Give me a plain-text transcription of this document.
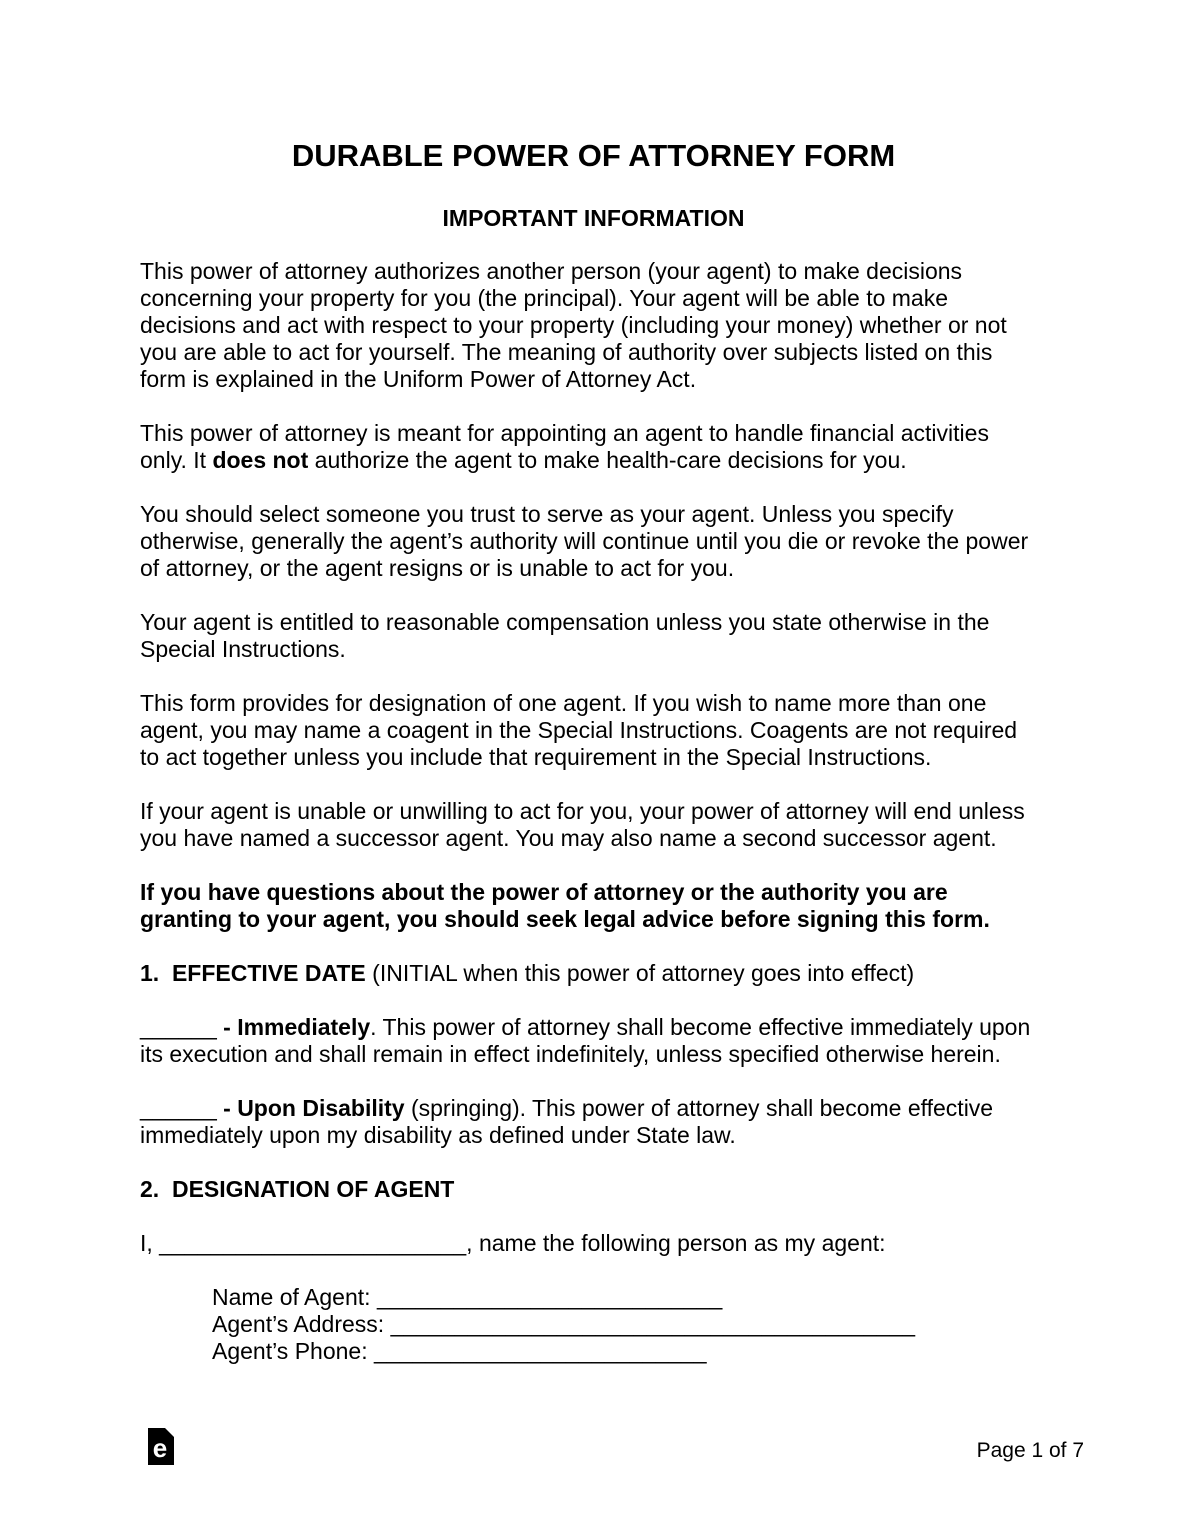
DURABLE POWER OF ATTORNEY FORM
IMPORTANT INFORMATION
This power of attorney authorizes another person (your agent) to make decisions
concerning your property for you (the principal). Your agent will be able to make
decisions and act with respect to your property (including your money) whether or not
you are able to act for yourself. The meaning of authority over subjects listed on this
form is explained in the Uniform Power of Attorney Act.
This power of attorney is meant for appointing an agent to handle financial activities
only. It does not authorize the agent to make health-care decisions for you.
You should select someone you trust to serve as your agent. Unless you specify
otherwise, generally the agent’s authority will continue until you die or revoke the power
of attorney, or the agent resigns or is unable to act for you.
Your agent is entitled to reasonable compensation unless you state otherwise in the
Special Instructions.
This form provides for designation of one agent. If you wish to name more than one
agent, you may name a coagent in the Special Instructions. Coagents are not required
to act together unless you include that requirement in the Special Instructions.
If your agent is unable or unwilling to act for you, your power of attorney will end unless
you have named a successor agent. You may also name a second successor agent.
If you have questions about the power of attorney or the authority you are
granting to your agent, you should seek legal advice before signing this form.
1.  EFFECTIVE DATE (INITIAL when this power of attorney goes into effect)
______ - Immediately. This power of attorney shall become effective immediately upon
its execution and shall remain in effect indefinitely, unless specified otherwise herein.
______ - Upon Disability (springing). This power of attorney shall become effective
immediately upon my disability as defined under State law.
2.  DESIGNATION OF AGENT
I, ________________________, name the following person as my agent:
Name of Agent: ___________________________
Agent’s Address: _________________________________________
Agent’s Phone: __________________________
e	Page 1 of 7
